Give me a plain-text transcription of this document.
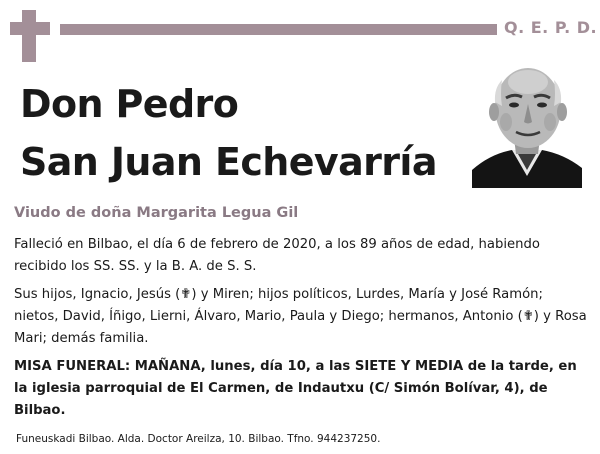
Q. E. P. D.
Don Pedro
San Juan Echevarría
Viudo de doña Margarita Legua Gil
Falleció en Bilbao, el día 6 de febrero de 2020, a los 89 años de edad, habiendo recibido los SS. SS. y la B. A. de S. S.
Sus hijos, Ignacio, Jesús (✟) y Miren; hijos políticos, Lurdes, María y José Ramón; nietos, David, Íñigo, Lierni, Álvaro, Mario, Paula y Diego; hermanos, Antonio (✟) y Rosa Mari; demás familia.
MISA FUNERAL: MAÑANA, lunes, día 10, a las SIETE Y MEDIA de la tarde, en la iglesia parroquial de El Carmen, de Indautxu (C/ Simón Bolívar, 4), de Bilbao.
Funeuskadi Bilbao. Alda. Doctor Areilza, 10. Bilbao. Tfno. 944237250.
